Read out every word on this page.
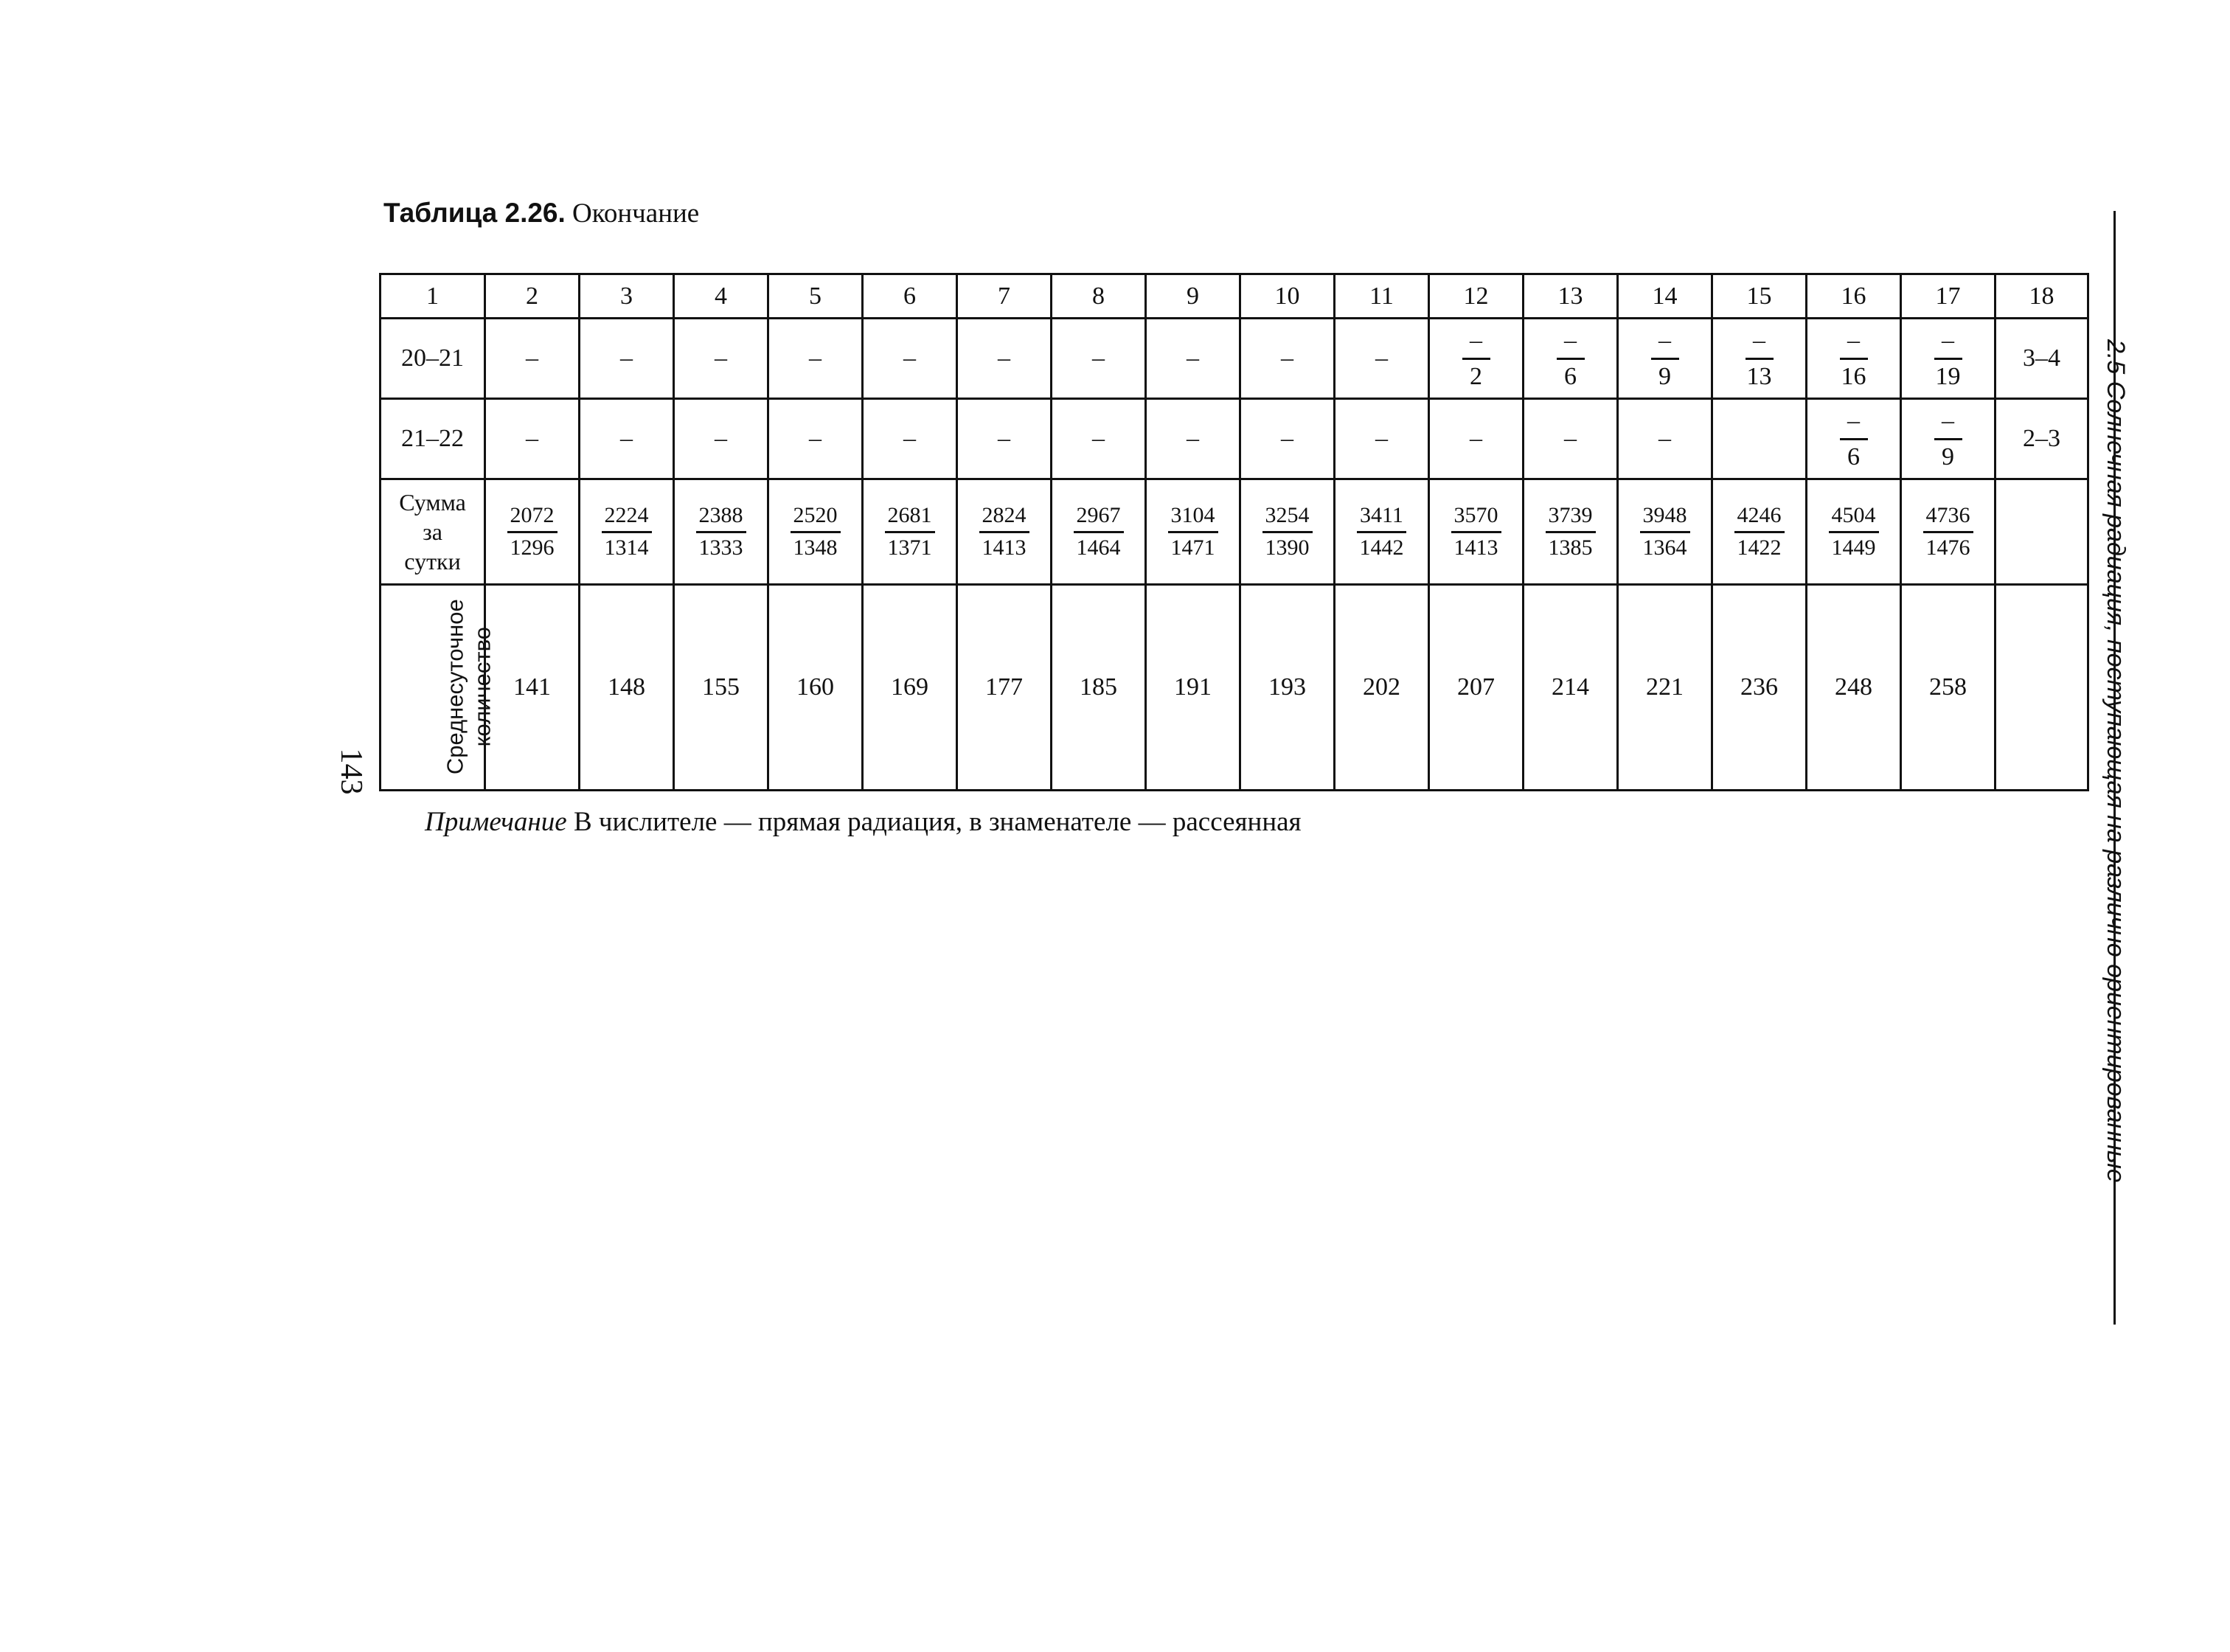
Таблица 2.26. Окончание
1	2	3	4	5	6	7	8	9	10	11	12	13	14	15	16	17	18
20–21	–	–	–	–	–	–	–	–	–	–	$\frac{-}{2}$	$\frac{-}{6}$	$\frac{-}{9}$	$\frac{-}{13}$	$\frac{-}{16}$	$\frac{-}{19}$	3–4
21–22	–	–	–	–	–	–	–	–	–	–	–	–	–		$\frac{-}{6}$	$\frac{-}{9}$	2–3

Сумма
за
сутки	$\frac{2072}{1296}$	$\frac{2224}{1314}$	$\frac{2388}{1333}$	$\frac{2520}{1348}$	$\frac{2681}{1371}$	$\frac{2824}{1413}$	$\frac{2967}{1464}$	$\frac{3104}{1471}$	$\frac{3254}{1390}$	$\frac{3411}{1442}$	$\frac{3570}{1413}$	$\frac{3739}{1385}$	$\frac{3948}{1364}$	$\frac{4246}{1422}$	$\frac{4504}{1449}$	$\frac{4736}{1476}$

Среднесуточное количество	141	148	155	160	169	177	185	191	193	202	207	214	221	236	248	258	
Примечание В числителе — прямая радиация, в знаменателе — рассеянная
143	2.5 Солнечная радиация, поступающая на различно ориентированные
